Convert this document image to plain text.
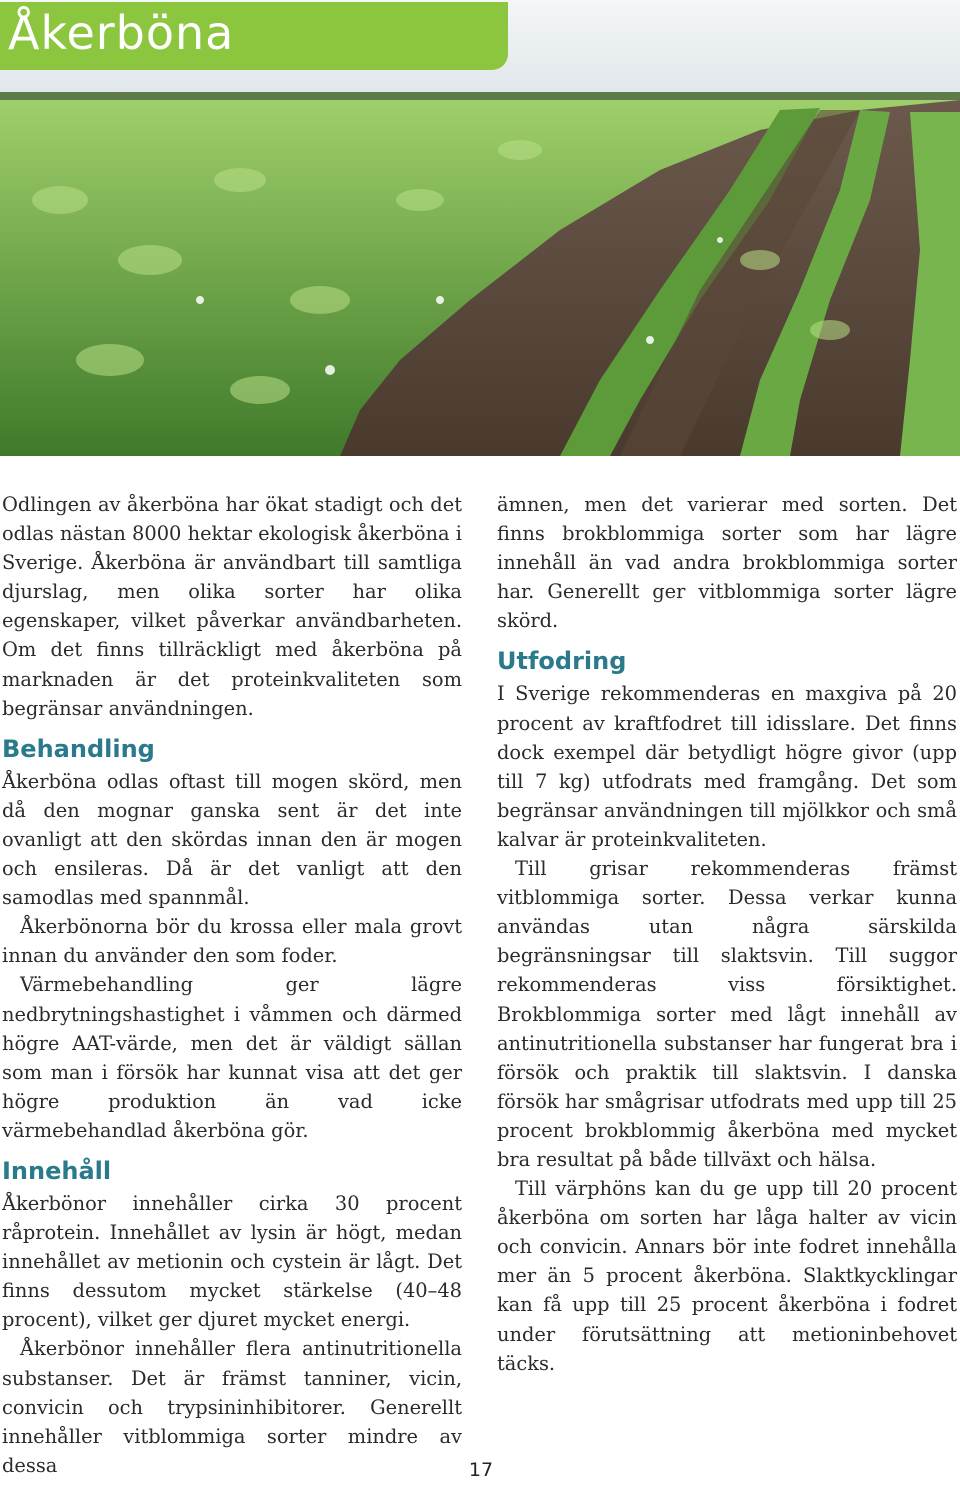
Åkerböna

Odlingen av åkerböna har ökat stadigt och det odlas nästan 8000 hektar ekologisk åkerböna i Sverige. Åkerböna är användbart till samtliga djurslag, men olika sorter har olika egenskaper, vilket påverkar användbarheten. Om det finns tillräckligt med åkerböna på marknaden är det proteinkvaliteten som begränsar användningen.

Behandling

Åkerböna odlas oftast till mogen skörd, men då den mognar ganska sent är det inte ovanligt att den skördas innan den är mogen och ensileras. Då är det vanligt att den samodlas med spannmål.

Åkerbönorna bör du krossa eller mala grovt innan du använder den som foder.

Värmebehandling ger lägre nedbrytningshastighet i våmmen och därmed högre AAT-värde, men det är väldigt sällan som man i försök har kunnat visa att det ger högre produktion än vad icke värmebehandlad åkerböna gör.

Innehåll

Åkerbönor innehåller cirka 30 procent råprotein. Innehållet av lysin är högt, medan innehållet av metionin och cystein är lågt. Det finns dessutom mycket stärkelse (40–48 procent), vilket ger djuret mycket energi.

Åkerbönor innehåller flera antinutritionella substanser. Det är främst tanniner, vicin, convicin och trypsininhibitorer. Generellt innehåller vitblommiga sorter mindre av dessa

ämnen, men det varierar med sorten. Det finns brokblommiga sorter som har lägre innehåll än vad andra brokblommiga sorter har. Generellt ger vitblommiga sorter lägre skörd.

Utfodring

I Sverige rekommenderas en maxgiva på 20 procent av kraftfodret till idisslare. Det finns dock exempel där betydligt högre givor (upp till 7 kg) utfodrats med framgång. Det som begränsar användningen till mjölkkor och små kalvar är proteinkvaliteten.

Till grisar rekommenderas främst vitblommiga sorter. Dessa verkar kunna användas utan några särskilda begränsningsar till slaktsvin. Till suggor rekommenderas viss försiktighet. Brokblommiga sorter med lågt innehåll av antinutritionella substanser har fungerat bra i försök och praktik till slaktsvin. I danska försök har smågrisar utfodrats med upp till 25 procent brokblommig åkerböna med mycket bra resultat på både tillväxt och hälsa.

Till värphöns kan du ge upp till 20 procent åkerböna om sorten har låga halter av vicin och convicin. Annars bör inte fodret innehålla mer än 5 procent åkerböna. Slaktkycklingar kan få upp till 25 procent åkerböna i fodret under förutsättning att metioninbehovet täcks.

17
